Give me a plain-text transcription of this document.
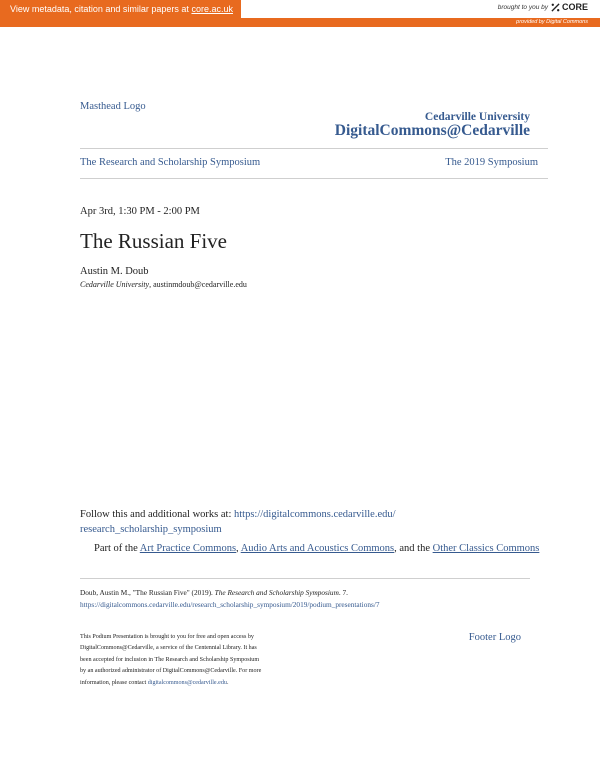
View metadata, citation and similar papers at core.ac.uk	brought to you by CORE
provided by Digital Commons
Masthead Logo
Cedarville University
DigitalCommons@Cedarville
The Research and Scholarship Symposium	The 2019 Symposium
Apr 3rd, 1:30 PM - 2:00 PM
The Russian Five
Austin M. Doub
Cedarville University, austinmdoub@cedarville.edu
Follow this and additional works at: https://digitalcommons.cedarville.edu/
research_scholarship_symposium
Part of the Art Practice Commons, Audio Arts and Acoustics Commons, and the Other Classics Commons
Doub, Austin M., "The Russian Five" (2019). The Research and Scholarship Symposium. 7.
https://digitalcommons.cedarville.edu/research_scholarship_symposium/2019/podium_presentations/7
This Podium Presentation is brought to you for free and open access by
DigitalCommons@Cedarville, a service of the Centennial Library. It has
been accepted for inclusion in The Research and Scholarship Symposium
by an authorized administrator of DigitalCommons@Cedarville. For more
information, please contact digitalcommons@cedarville.edu.
Footer Logo
